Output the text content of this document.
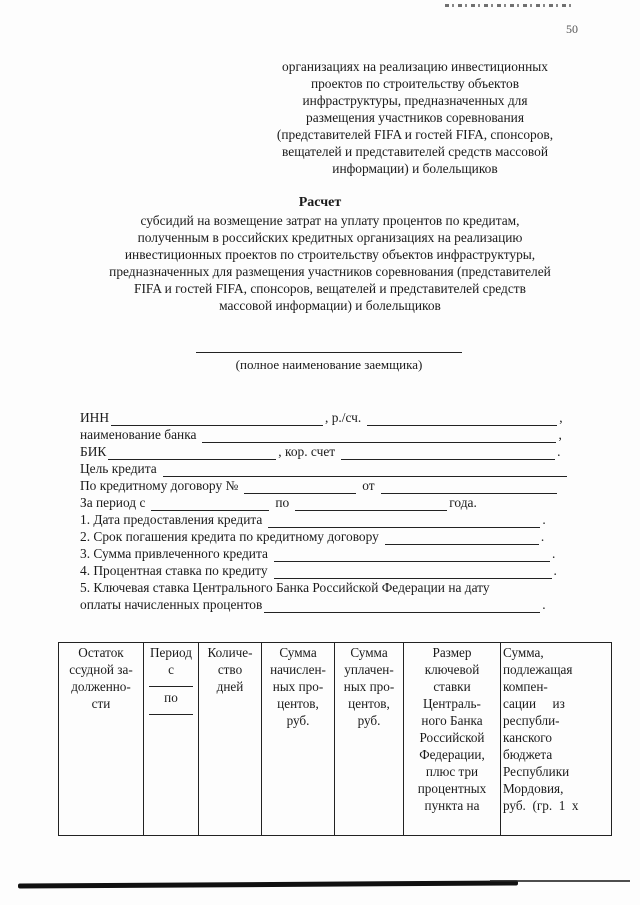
50
организациях на реализацию инвестиционных
проектов по строительству объектов
инфраструктуры, предназначенных для
размещения участников соревнования
(представителей FIFA и гостей FIFA, спонсоров,
вещателей и представителей средств массовой
информации) и болельщиков
Расчет
субсидий на возмещение затрат на уплату процентов по кредитам,
полученным в российских кредитных организациях на реализацию
инвестиционных проектов по строительству объектов инфраструктуры,
предназначенных для размещения участников соревнования (представителей
FIFA и гостей FIFA, спонсоров, вещателей и представителей средств
массовой информации) и болельщиков
(полное наименование заемщика)
ИНН	, р./сч.	,
наименование банка	,
БИК	, кор. счет	.
Цель кредита
По кредитному договору №	от
За период с	по	года.
1. Дата предоставления кредита	.
2. Срок погашения кредита по кредитному договору	.
3. Сумма привлеченного кредита	.
4. Процентная ставка по кредиту	.
5. Ключевая ставка Центрального Банка Российской Федерации на дату
оплаты начисленных процентов	.
Остаток
ссудной за-
долженно-
сти

Период с
по

Количе-
ство
дней

Сумма
начислен-
ных про-
центов,
руб.

Сумма
уплачен-
ных про-
центов,
руб.

Размер
ключевой
ставки
Централь-
ного Банка
Российской
Федерации,
плюс три
процентных
пункта на

Сумма,
подлежащая
компен-
сации     из
республи-
канского
бюджета
Республики
Мордовия,
руб.  (гр.  1  х
